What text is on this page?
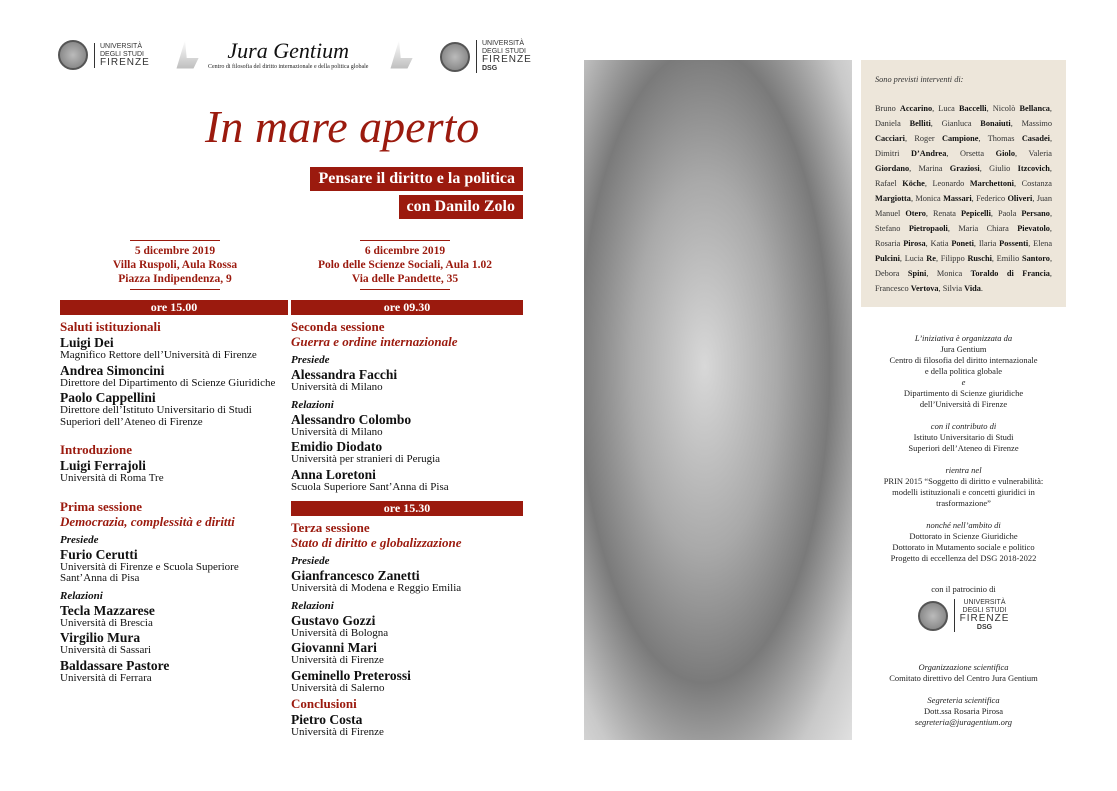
UNIVERSITÀ
DEGLI STUDI
FIRENZE	Jura Gentium
Centro di filosofia del diritto internazionale e della politica globale
UNIVERSITÀ
DEGLI STUDI
FIRENZE
DSG
In mare aperto
Pensare il diritto e la politica
con Danilo Zolo
5 dicembre 2019
Villa Ruspoli, Aula Rossa
Piazza Indipendenza, 9
6 dicembre 2019
Polo delle Scienze Sociali, Aula 1.02
Via delle Pandette, 35
ore 15.00
Saluti istituzionali
Luigi Dei
Magnifico Rettore dell’Università di Firenze
Andrea Simoncini
Direttore del Dipartimento di Scienze Giuridiche
Paolo Cappellini
Direttore dell’Istituto Universitario di Studi Superiori dell’Ateneo di Firenze
Introduzione
Luigi Ferrajoli
Università di Roma Tre
Prima sessione
Democrazia, complessità e diritti
Presiede
Furio Cerutti
Università di Firenze e Scuola Superiore Sant’Anna di Pisa
Relazioni
Tecla Mazzarese
Università di Brescia
Virgilio Mura
Università di Sassari
Baldassare Pastore
Università di Ferrara
ore 09.30
Seconda sessione
Guerra e ordine internazionale
Presiede
Alessandra Facchi
Università di Milano
Relazioni
Alessandro Colombo
Università di Milano
Emidio Diodato
Università per stranieri di Perugia
Anna Loretoni
Scuola Superiore Sant’Anna di Pisa
ore 15.30
Terza sessione
Stato di diritto e globalizzazione
Presiede
Gianfrancesco Zanetti
Università di Modena e Reggio Emilia
Relazioni
Gustavo Gozzi
Università di Bologna
Giovanni Mari
Università di Firenze
Geminello Preterossi
Università di Salerno
Conclusioni
Pietro Costa
Università di Firenze
Sono previsti interventi di:
Bruno Accarino, Luca Baccelli, Nicolò Bellanca, Daniela Belliti, Gianluca Bonaiuti, Massimo Cacciari, Roger Campione, Thomas Casadei, Dimitri D’Andrea, Orsetta Giolo, Valeria Giordano, Marina Graziosi, Giulio Itzcovich, Rafael Köche, Leonardo Marchettoni, Costanza Margiotta, Monica Massari, Federico Oliveri, Juan Manuel Otero, Renata Pepicelli, Paola Persano, Stefano Pietropaoli, Maria Chiara Pievatolo, Rosaria Pirosa, Katia Poneti, Ilaria Possenti, Elena Pulcini, Lucia Re, Filippo Ruschi, Emilio Santoro, Debora Spini, Monica Toraldo di Francia, Francesco Vertova, Silvia Vida.
L’iniziativa è organizzata da
Jura Gentium
Centro di filosofia del diritto internazionale
e della politica globale
e
Dipartimento di Scienze giuridiche
dell’Università di Firenze
con il contributo di
Istituto Universitario di Studi
Superiori dell’Ateneo di Firenze
rientra nel
PRIN 2015 “Soggetto di diritto e vulnerabilità:
modelli istituzionali e concetti giuridici in
trasformazione”
nonché nell’ambito di
Dottorato in Scienze Giuridiche
Dottorato in Mutamento sociale e politico
Progetto di eccellenza del DSG 2018-2022
con il patrocinio di
UNIVERSITÀ
DEGLI STUDI
FIRENZE
DSG
Organizzazione scientifica
Comitato direttivo del Centro Jura Gentium
Segreteria scientifica
Dott.ssa Rosaria Pirosa
segreteria@juragentium.org
